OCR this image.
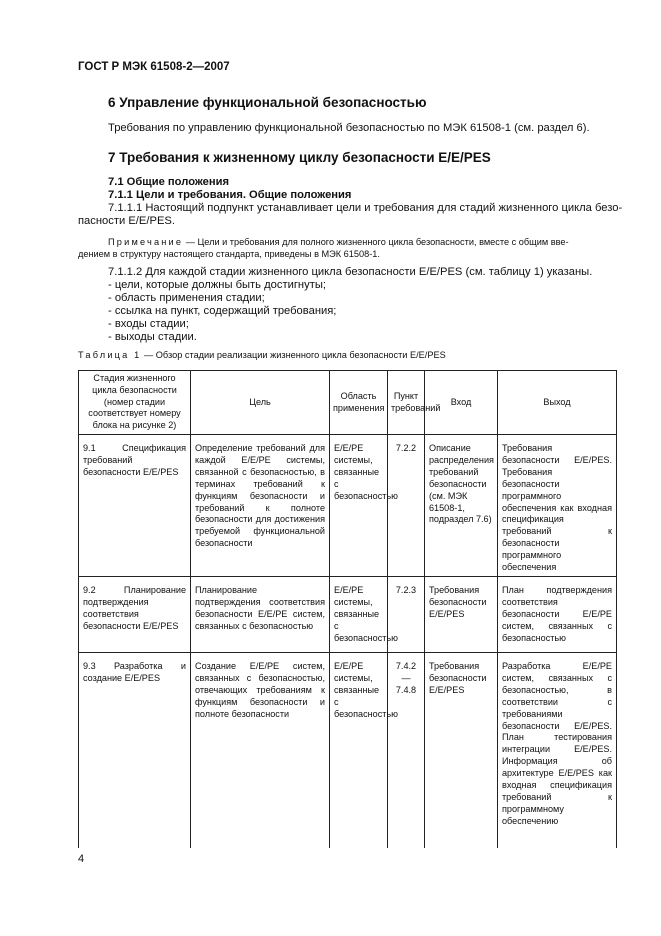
ГОСТ Р МЭК 61508-2—2007
6 Управление функциональной безопасностью
Требования по управлению функциональной безопасностью по МЭК 61508-1 (см. раздел 6).
7 Требования к жизненному циклу безопасности E/E/PES
7.1 Общие положения
7.1.1 Цели и требования. Общие положения
7.1.1.1 Настоящий подпункт устанавливает цели и требования для стадий жизненного цикла безо-
пасности E/E/PES.
Примечание — Цели и требования для полного жизненного цикла безопасности, вместе с общим вве-
дением в структуру настоящего стандарта, приведены в МЭК 61508-1.
7.1.1.2 Для каждой стадии жизненного цикла безопасности E/E/PES (см. таблицу 1) указаны.
- цели, которые должны быть достигнуты;
- область применения стадии;
- ссылка на пункт, содержащий требования;
- входы стадии;
- выходы стадии.
Таблица 1 — Обзор стадии реализации жизненного цикла безопасности E/E/PES
Стадия жизненного цикла безопасности (номер стадии соответствует номеру блока на рисунке 2)	Цель	Область применения	Пункт требований	Вход	Выход
9.1 Спецификация требований безопасности E/E/PES	Определение требований для каждой E/E/PE системы, связанной с безопасностью, в терминах требований к функциям безопасности и требований к полноте безопасности для достижения требуемой функциональной безопасности	E/E/PE системы, связанные с безопасностью	7.2.2	Описание распределения требований безопасности (см. МЭК 61508-1, подраздел 7.6)	Требования безопасности E/E/PES. Требования безопасности программного обеспечения как входная спецификация требований к безопасности программного обеспечения
9.2 Планирование подтверждения соответствия безопасности E/E/PES	Планирование подтверждения соответствия безопасности E/E/PE систем, связанных с безопасностью	E/E/PE системы, связанные с безопасностью	7.2.3	Требования безопасности E/E/PES	План подтверждения соответствия безопасности E/E/PE систем, связанных с безопасностью
9.3 Разработка и создание E/E/PES	Создание E/E/PE систем, связанных с безопасностью, отвечающих требованиям к функциям безопасности и полноте безопасности	E/E/PE системы, связанные с безопасностью	7.4.2 — 7.4.8	Требования безопасности E/E/PES	Разработка E/E/PE систем, связанных с безопасностью, в соответствии с требованиями безопасности E/E/PES. План тестирования интеграции E/E/PES. Информация об архитектуре E/E/PES как входная спецификация требований к программному обеспечению
4
